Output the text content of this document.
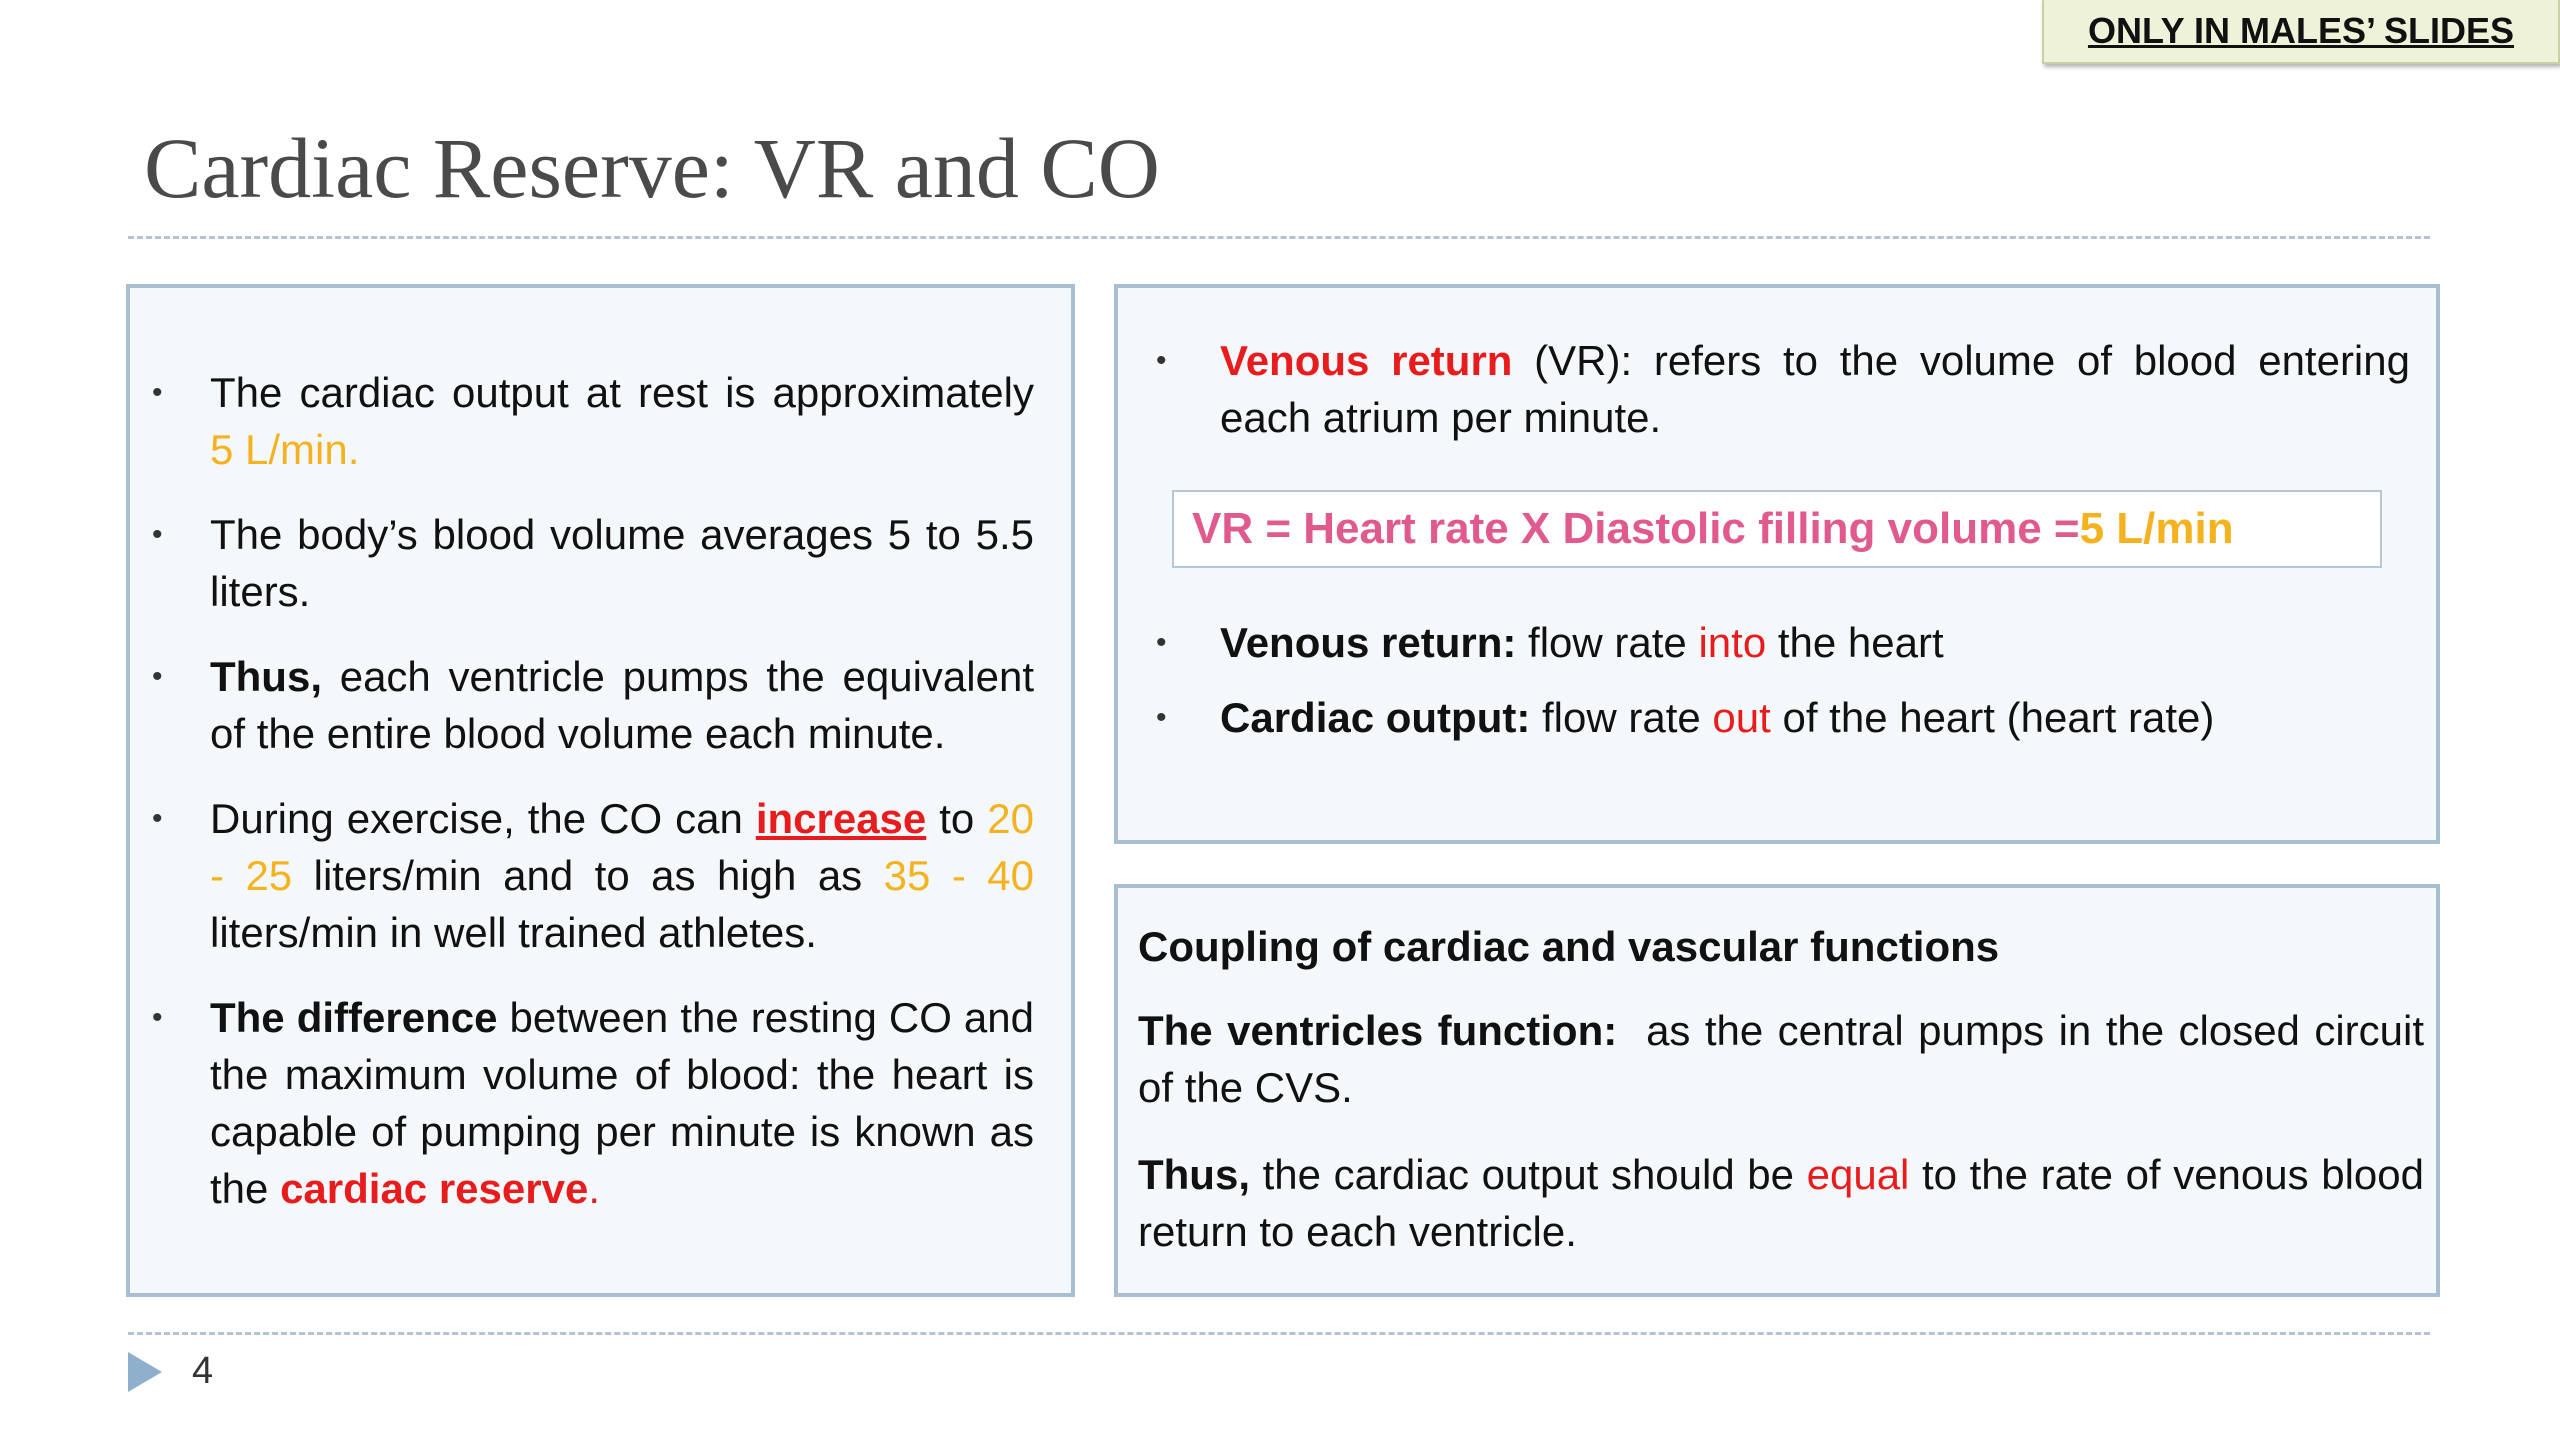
ONLY IN MALES’ SLIDES
Cardiac Reserve: VR and CO
• The cardiac output at rest is approximately 5 L/min.
• The body’s blood volume averages 5 to 5.5 liters.
• Thus, each ventricle pumps the equivalent of the entire blood volume each minute.
• During exercise, the CO can increase to 20 - 25 liters/min and to as high as 35 - 40 liters/min in well trained athletes.
• The difference between the resting CO and the maximum volume of blood: the heart is capable of pumping per minute is known as the cardiac reserve.
• Venous return (VR): refers to the volume of blood entering each atrium per minute.
VR = Heart rate X Diastolic filling volume = 5 L/min
• Venous return: flow rate into the heart
• Cardiac output: flow rate out of the heart (heart rate)

Coupling of cardiac and vascular functions

The ventricles function:  as the central pumps in the closed circuit of the CVS.

Thus, the cardiac output should be equal to the rate of venous blood return to each ventricle.

4
